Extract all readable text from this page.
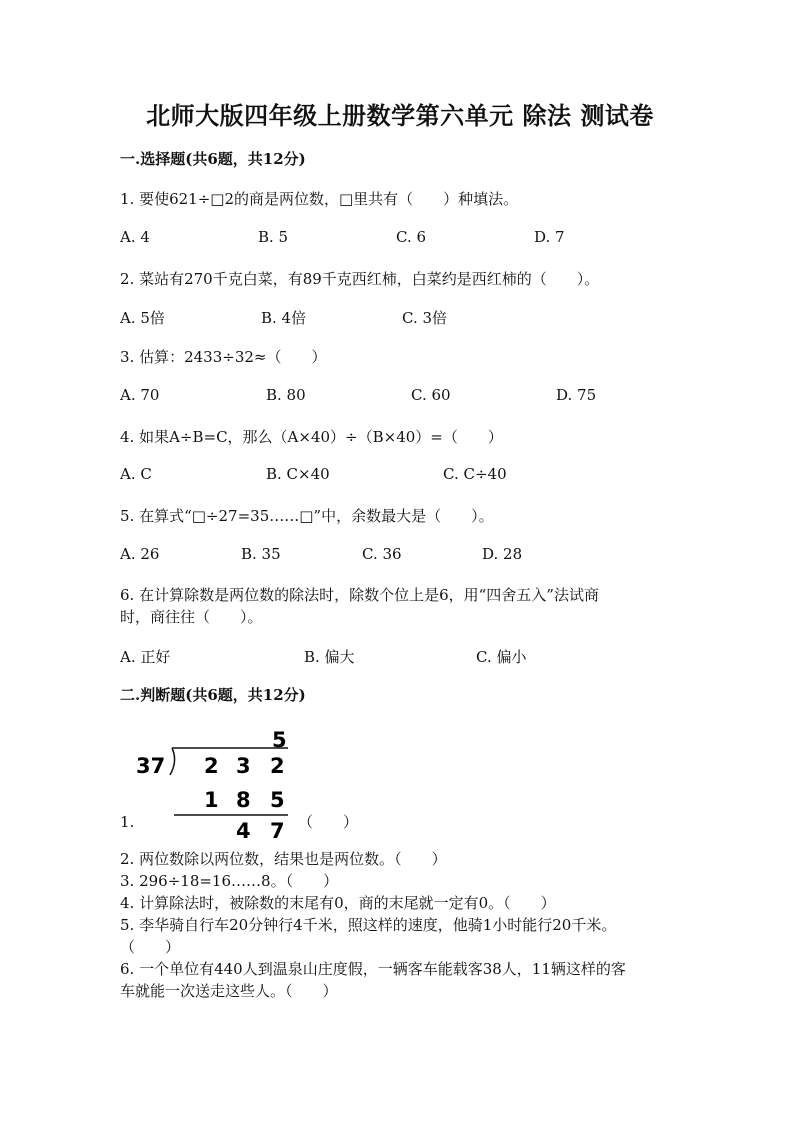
北师大版四年级上册数学第六单元 除法 测试卷
一.选择题(共6题，共12分)
1. 要使621÷□2的商是两位数，□里共有（　　）种填法。
A. 4	B. 5	C. 6	D. 7
2. 菜站有270千克白菜，有89千克西红柿，白菜约是西红柿的（　　）。
A. 5倍	B. 4倍	C. 3倍
3. 估算：2433÷32≈（　　）
A. 70	B. 80	C. 60	D. 75
4. 如果A÷B=C，那么（A×40）÷（B×40）=（　　）
A. C	B. C×40	C. C÷40
5. 在算式“□÷27=35……□”中，余数最大是（　　）。
A. 26	B. 35	C. 36	D. 28
6. 在计算除数是两位数的除法时，除数个位上是6，用“四舍五入”法试商
时，商往往（　　）。
A. 正好	B. 偏大	C. 偏小
二.判断题(共6题，共12分)
1.
5
37 2 3 2
1 8 5
4 7 （　　）
2. 两位数除以两位数，结果也是两位数。（　　）
3. 296÷18=16……8。（　　）
4. 计算除法时，被除数的末尾有0，商的末尾就一定有0。（　　）
5. 李华骑自行车20分钟行4千米，照这样的速度，他骑1小时能行20千米。
（　　）
6. 一个单位有440人到温泉山庄度假，一辆客车能载客38人，11辆这样的客
车就能一次送走这些人。（　　）
